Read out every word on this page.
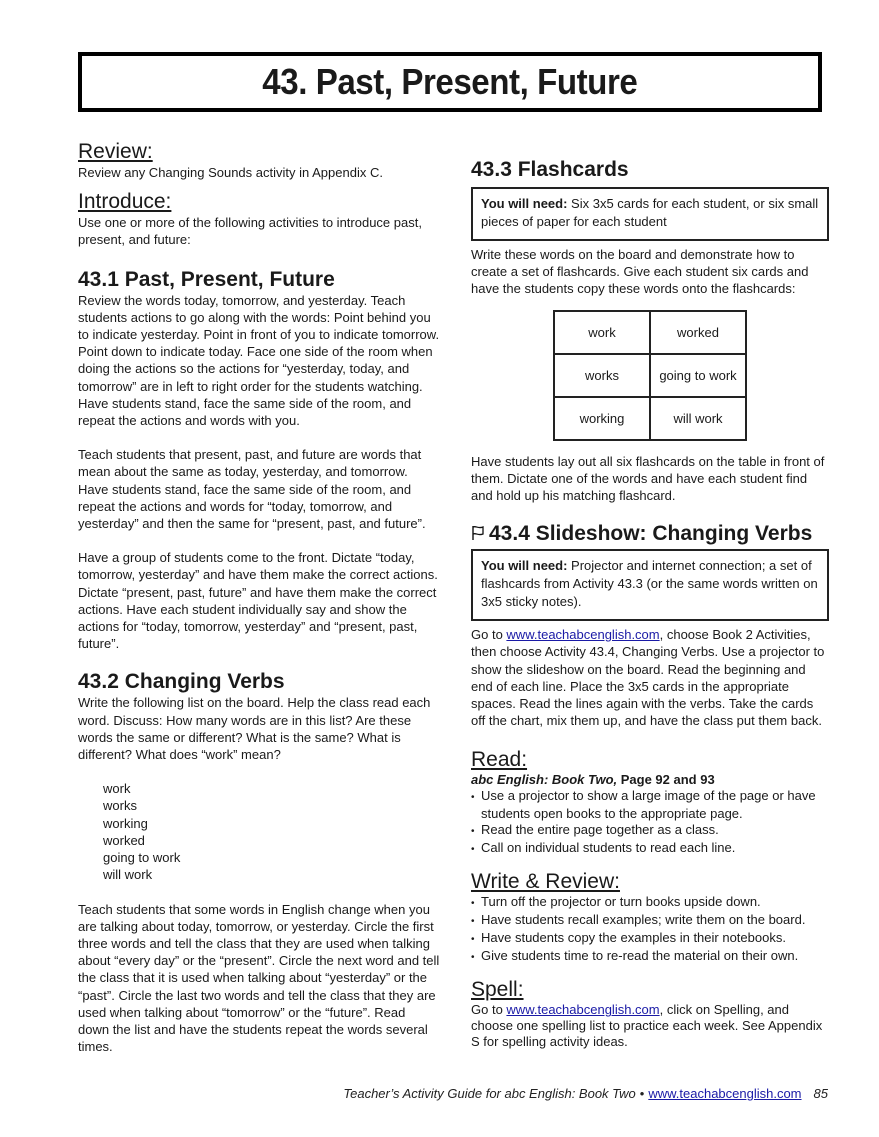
43. Past, Present, Future
Review:

Review any Changing Sounds activity in Appendix C.

Introduce:

Use one or more of the following activities to introduce past, present, and future:

43.1 Past, Present, Future

Review the words today, tomorrow, and yesterday. Teach students actions to go along with the words: Point behind you to indicate yesterday. Point in front of you to indicate tomorrow. Point down to indicate today. Face one side of the room when doing the actions so the actions for “yesterday, today, and tomorrow” are in left to right order for the students watching. Have students stand, face the same side of the room, and repeat the actions and words with you.

Teach students that present, past, and future are words that mean about the same as today, yesterday, and tomorrow. Have students stand, face the same side of the room, and repeat the actions and words for “today, tomorrow, and yesterday” and then the same for “present, past, and future”.

Have a group of students come to the front. Dictate “today, tomorrow, yesterday” and have them make the correct actions. Dictate “present, past, future” and have them make the correct actions. Have each student individually say and show the actions for “today, tomorrow, yesterday” and “present, past, future”.

43.2 Changing Verbs

Write the following list on the board. Help the class read each word. Discuss: How many words are in this list? Are these words the same or different? What is the same? What is different? What does “work” mean?

work
works
working
worked
going to work
will work

Teach students that some words in English change when you are talking about today, tomorrow, or yesterday. Circle the first three words and tell the class that they are used when talking about “every day” or the “present”. Circle the next word and tell the class that it is used when talking about “yesterday” or the “past”. Circle the last two words and tell the class that they are used when talking about “tomorrow” or the “future”. Read down the list and have the students repeat the words several times.

43.3 Flashcards
You will need: Six 3x5 cards for each student, or six small pieces of paper for each student

Write these words on the board and demonstrate how to create a set of flashcards. Give each student six cards and have the students copy these words onto the flashcards:

work	worked
works	going to work
working	will work

Have students lay out all six flashcards on the table in front of them. Dictate one of the words and have each student find and hold up his matching flashcard.

43.4 Slideshow: Changing Verbs
You will need: Projector and internet connection; a set of flashcards from Activity 43.3 (or the same words written on 3x5 sticky notes).

Go to www.teachabcenglish.com, choose Book 2 Activities, then choose Activity 43.4, Changing Verbs. Use a projector to show the slideshow on the board. Read the beginning and end of each line. Place the 3x5 cards in the appropriate spaces. Read the lines again with the verbs. Take the cards off the chart, mix them up, and have the class put them back.

Read:

abc English: Book Two, Page 92 and 93

• Use a projector to show a large image of the page or have students open books to the appropriate page.
• Read the entire page together as a class.
• Call on individual students to read each line.
Write & Review:
• Turn off the projector or turn books upside down.
• Have students recall examples; write them on the board.
• Have students copy the examples in their notebooks.
• Give students time to re-read the material on their own.
Spell:

Go to www.teachabcenglish.com, click on Spelling, and choose one spelling list to practice each week. See Appendix S for spelling activity ideas.

Teacher’s Activity Guide for abc English: Book Two • www.teachabcenglish.com 85
